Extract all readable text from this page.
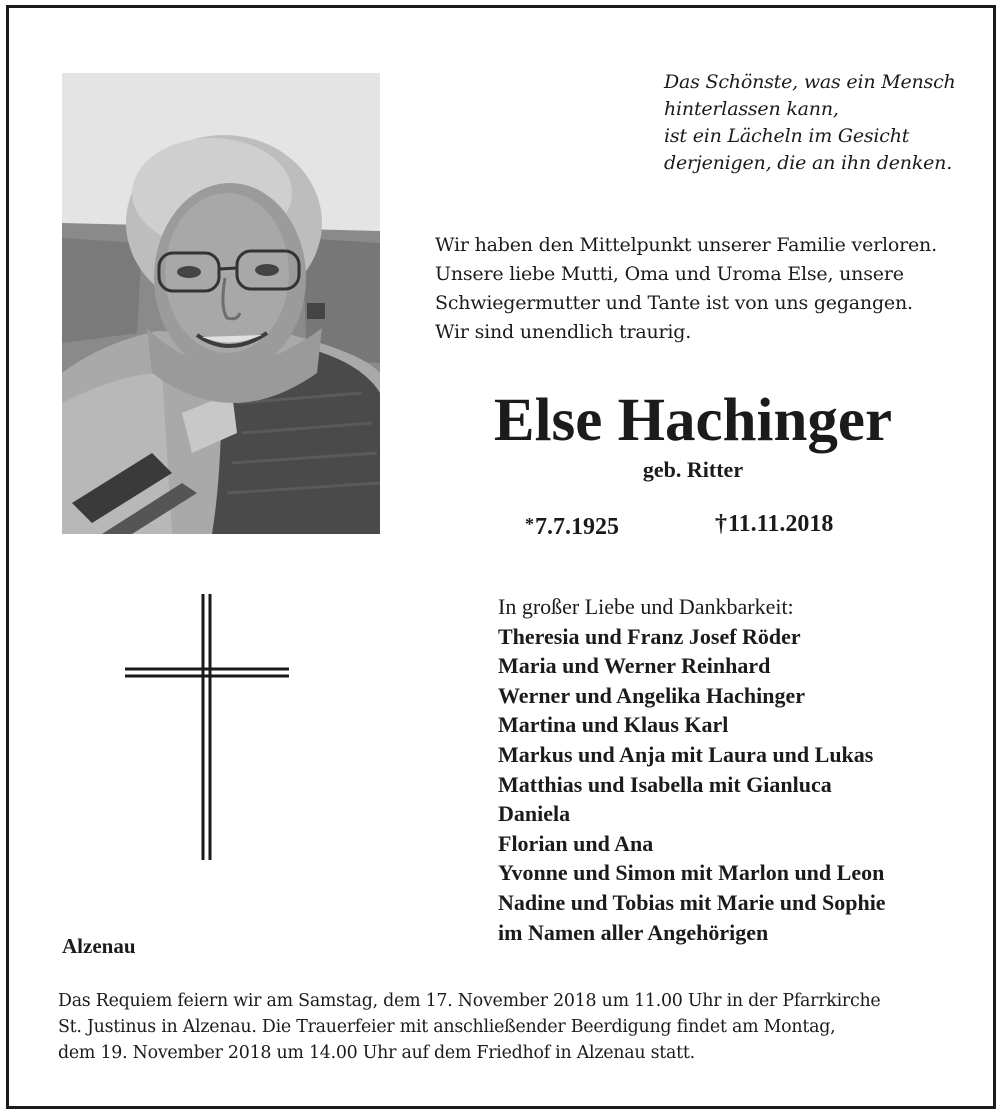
Das Schönste, was ein Mensch
hinterlassen kann,
ist ein Lächeln im Gesicht
derjenigen, die an ihn denken.
Wir haben den Mittelpunkt unserer Familie verloren.
Unsere liebe Mutti, Oma und Uroma Else, unsere
Schwiegermutter und Tante ist von uns gegangen.
Wir sind unendlich traurig.
Else Hachinger
geb. Ritter
*7.7.1925	†11.11.2018
In großer Liebe und Dankbarkeit:
Theresia und Franz Josef Röder
Maria und Werner Reinhard
Werner und Angelika Hachinger
Martina und Klaus Karl
Markus und Anja mit Laura und Lukas
Matthias und Isabella mit Gianluca
Daniela
Florian und Ana
Yvonne und Simon mit Marlon und Leon
Nadine und Tobias mit Marie und Sophie
im Namen aller Angehörigen
Alzenau
Das Requiem feiern wir am Samstag, dem 17. November 2018 um 11.00 Uhr in der Pfarrkirche
St. Justinus in Alzenau. Die Trauerfeier mit anschließender Beerdigung findet am Montag,
dem 19. November 2018 um 14.00 Uhr auf dem Friedhof in Alzenau statt.
